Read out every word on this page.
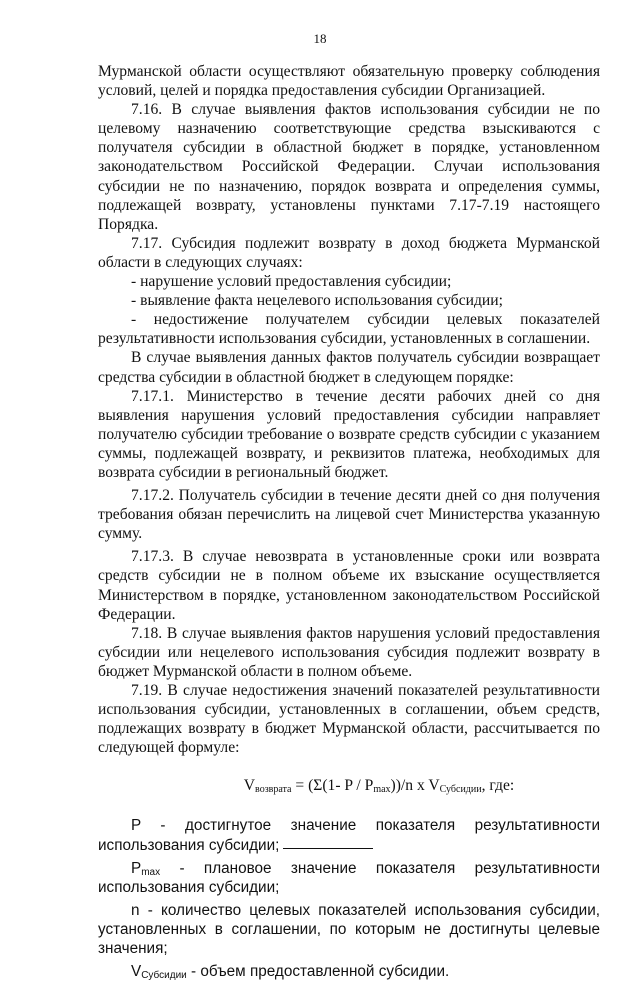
18

Мурманской области осуществляют обязательную проверку соблюдения условий, целей и порядка предоставления субсидии Организацией.

7.16. В случае выявления фактов использования субсидии не по целевому назначению соответствующие средства взыскиваются с получателя субсидии в областной бюджет в порядке, установленном законодательством Российской Федерации. Случаи использования субсидии не по назначению, порядок возврата и определения суммы, подлежащей возврату, установлены пунктами 7.17-7.19 настоящего Порядка.

7.17. Субсидия подлежит возврату в доход бюджета Мурманской области в следующих случаях:

- нарушение условий предоставления субсидии;

- выявление факта нецелевого использования субсидии;

- недостижение получателем субсидии целевых показателей результативности использования субсидии, установленных в соглашении.

В случае выявления данных фактов получатель субсидии возвращает средства субсидии в областной бюджет в следующем порядке:

7.17.1. Министерство в течение десяти рабочих дней со дня выявления нарушения условий предоставления субсидии направляет получателю субсидии требование о возврате средств субсидии с указанием суммы, подлежащей возврату, и реквизитов платежа, необходимых для возврата субсидии в региональный бюджет.

7.17.2. Получатель субсидии в течение десяти дней со дня получения требования обязан перечислить на лицевой счет Министерства указанную сумму.

7.17.3. В случае невозврата в установленные сроки или возврата средств субсидии не в полном объеме их взыскание осуществляется Министерством в порядке, установленном законодательством Российской Федерации.

7.18. В случае выявления фактов нарушения условий предоставления субсидии или нецелевого использования субсидия подлежит возврату в бюджет Мурманской области в полном объеме.

7.19. В случае недостижения значений показателей результативности использования субсидии, установленных в соглашении, объем средств, подлежащих возврату в бюджет Мурманской области, рассчитывается по следующей формуле:

$V_{возврата} = (\Sigma(1-$ P / $P_{max}))/n$ x $V_{Субсидии}$, где:

P - достигнутое значение показателя результативности использования субсидии;

$P_{max}$ - плановое значение показателя результативности использования субсидии;

n - количество целевых показателей использования субсидии, установленных в соглашении, по которым не достигнуты целевые значения;

$V_{Субсидии}$ - объем предоставленной субсидии.
